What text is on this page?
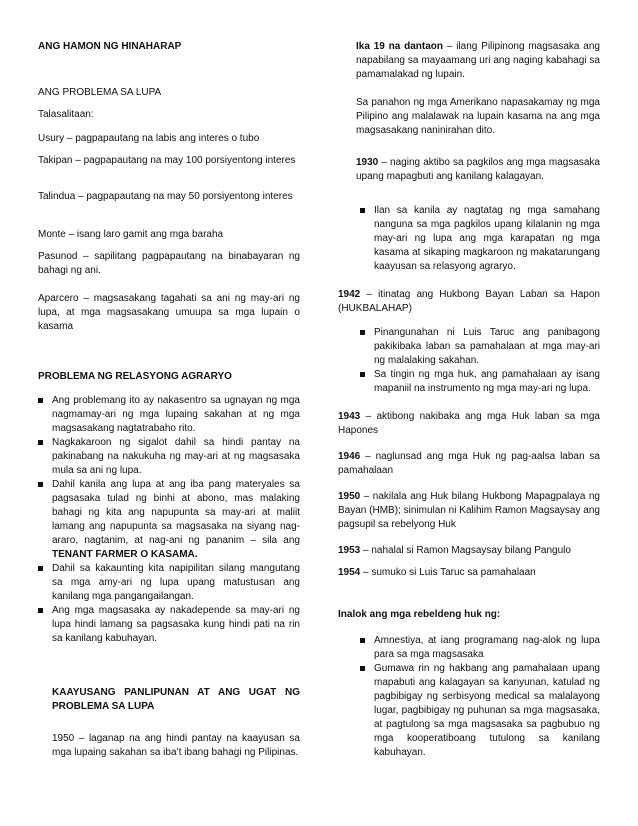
ANG HAMON NG HINAHARAP

ANG PROBLEMA SA LUPA

Talasalitaan:

Usury – pagpapautang na labis ang interes o tubo

Takipan – pagpapautang na may 100 porsiyentong interes

Talindua – pagpapautang na may 50 porsiyentong interes

Monte – isang laro gamit ang mga baraha

Pasunod – sapilitang pagpapautang na binabayaran ng bahagi ng ani.

Aparcero – magsasakang tagahati sa ani ng may-ari ng lupa, at mga magsasakang umuupa sa mga lupain o kasama

PROBLEMA NG RELASYONG AGRARYO

Ang problemang ito ay nakasentro sa ugnayan ng mga nagmamay-ari ng mga lupaing sakahan at ng mga magsasakang nagtatrabaho rito.
Nagkakaroon ng sigalot dahil sa hindi pantay na pakinabang na nakukuha ng may-ari at ng magsasaka mula sa ani ng lupa.
Dahil kanila ang lupa at ang iba pang materyales sa pagsasaka tulad ng binhi at abono, mas malaking bahagi ng kita ang napupunta sa may-ari at maliit lamang ang napupunta sa magsasaka na siyang nag-araro, nagtanim, at nag-ani ng pananim – sila ang TENANT FARMER O KASAMA.
Dahil sa kakaunting kita napipilitan silang mangutang sa mga amy-ari ng lupa upang matustusan ang kanilang mga pangangailangan.
Ang mga magsasaka ay nakadepende sa may-ari ng lupa hindi lamang sa pagsasaka kung hindi pati na rin sa kanilang kabuhayan.

KAAYUSANG PANLIPUNAN AT ANG UGAT NG PROBLEMA SA LUPA

1950 – laganap na ang hindi pantay na kaayusan sa mga lupaing sakahan sa iba’t ibang bahagi ng Pilipinas.

Ika 19 na dantaon – ilang Pilipinong magsasaka ang napabilang sa mayaamang uri ang naging kabahagi sa pamamalakad ng lupain.

Sa panahon ng mga Amerikano napasakamay ng mga Pilipino ang malalawak na lupain kasama na ang mga magsasakang naninirahan dito.

1930 – naging aktibo sa pagkilos ang mga magsasaka upang mapagbuti ang kanilang kalagayan.

Ilan sa kanila ay nagtatag ng mga samahang nanguna sa mga pagkilos upang kilalanin ng mga may-ari ng lupa ang mga karapatan ng mga kasama at sikaping magkaroon ng makatarungang kaayusan sa relasyong agraryo.

1942 – itinatag ang Hukbong Bayan Laban sa Hapon (HUKBALAHAP)

Pinangunahan ni Luis Taruc ang panibagong pakikibaka laban sa pamahalaan at mga may-ari ng malalaking sakahan.
Sa tingin ng mga huk, ang pamahalaan ay isang mapaniil na instrumento ng mga may-ari ng lupa.

1943 – aktibong nakibaka ang mga Huk laban sa mga Hapones

1946 – naglunsad ang mga Huk ng pag-aalsa laban sa pamahalaan

1950 – nakilala ang Huk bilang Hukbong Mapagpalaya ng Bayan (HMB); sinimulan ni Kalihim Ramon Magsaysay ang pagsupil sa rebelyong Huk

1953 – nahalal si Ramon Magsaysay bilang Pangulo

1954 – sumuko si Luis Taruc sa pamahalaan

Inalok ang mga rebeldeng huk ng:

Amnestiya, at iang programang nag-alok ng lupa para sa mga magsasaka
Gumawa rin ng hakbang ang pamahalaan upang mapabuti ang kalagayan sa kanyunan, katulad ng pagbibigay ng serbisyong medical sa malalayong lugar, pagbibigay ng puhunan sa mga magsasaka, at pagtulong sa mga magsasaka sa pagbubuo ng mga kooperatiboang tutulong sa kanilang kabuhayan.
